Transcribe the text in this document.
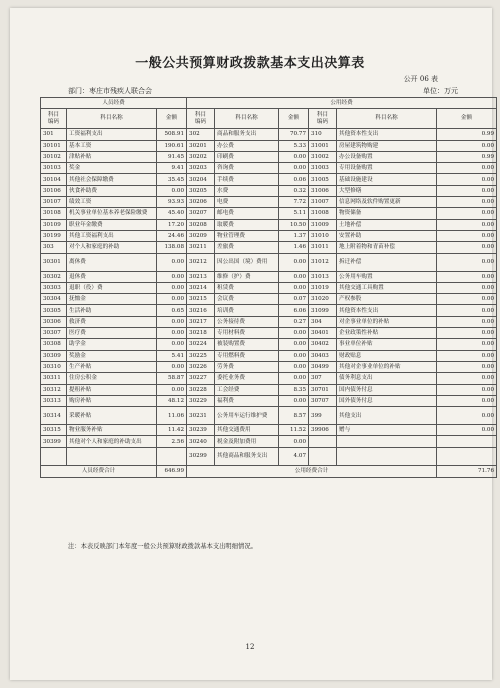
一般公共预算财政拨款基本支出决算表
公开 06 表
部门：枣庄市残疾人联合会	单位：万元
人员经费			公用经费					
科目
编码	科目名称	金额	科目
编码	科目名称	金额	科目
编码	科目名称	金额
301	工资福利支出	508.91	302	商品和服务支出	70.77	310	其他资本性支出	0.99
30101	基本工资	190.61	30201	办公费	5.33	31001	房屋建筑物购建	0.00
30102	津贴补贴	91.45	30202	印刷费	0.00	31002	办公设备购置	0.99
30103	奖金	9.41	30203	咨询费	0.00	31003	专用设备购置	0.00
30104	其他社会保障缴费	35.45	30204	手续费	0.06	31005	基础设施建设	0.00
30106	伙食补助费	0.00	30205	水费	0.32	31006	大型修缮	0.00
30107	绩效工资	93.93	30206	电费	7.72	31007	信息网络及软件购置更新	0.00
30108	机关事业单位基本养老保险缴费	45.40	30207	邮电费	5.11	31008	物资储备	0.00
30109	职业年金缴费	17.20	30208	取暖费	10.50	31009	土地补偿	0.00
30199	其他工资福利支出	24.46	30209	物业管理费	1.37	31010	安置补助	0.00
303	对个人和家庭的补助	138.08	30211	差旅费	1.46	31011	地上附着物和青苗补偿	0.00
30301	离休费	0.00	30212	因公出国（境）费用	0.00	31012	拆迁补偿	0.00
30302	退休费	0.00	30213	维修（护）费	0.00	31013	公务用车购置	0.00
30303	退职（役）费	0.00	30214	租赁费	0.00	31019	其他交通工具购置	0.00
30304	抚恤金	0.00	30215	会议费	0.07	31020	产权参股	0.00
30305	生活补助	0.65	30216	培训费	6.06	31099	其他资本性支出	0.00
30306	救济费	0.00	30217	公务接待费	0.27	304	对企事业单位的补贴	0.00
30307	医疗费	0.00	30218	专用材料费	0.00	30401	企业政策性补贴	0.00
30308	助学金	0.00	30224	被装购置费	0.00	30402	事业单位补贴	0.00
30309	奖励金	5.41	30225	专用燃料费	0.00	30403	财政贴息	0.00
30310	生产补贴	0.00	30226	劳务费	0.00	30499	其他对企事业单位的补贴	0.00
30311	住房公积金	58.87	30227	委托业务费	0.00	307	债务利息支出	0.00
30312	提租补贴	0.00	30228	工会经费	8.35	30701	国内债务付息	0.00
30313	购房补贴	48.12	30229	福利费	0.00	30707	国外债务付息	0.00
30314	采暖补贴	11.06	30231	公务用车运行维护费	8.57	399	其他支出	0.00
30315	物业服务补贴	11.42	30239	其他交通费用	11.52	39906	赠与	0.00
30399	其他对个人和家庭的补助支出	2.56	30240	税金及附加费用	0.00			
			30299	其他商品和服务支出	4.07			
人员经费合计		646.99	公用经费合计					71.76
注：本表反映部门本年度一般公共预算财政拨款基本支出明细情况。
12
